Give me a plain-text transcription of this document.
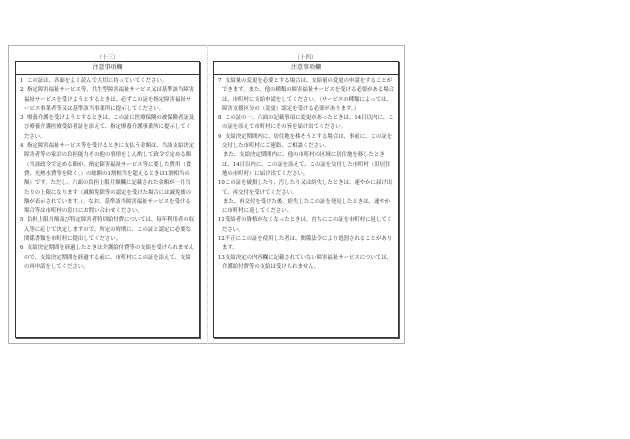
（十三）
注意事項欄
1 この証は、各面をよく読んで大切に持っていてください。
2 指定障害福祉サービス等、共生型障害福祉サービス又は基準該当障害福祉サービスを受けようとするときは、必ずこの証を指定障害福祉サービス事業者等又は基準該当事業所に提示してください。
3 療養介護を受けようとするときは、この証に医療保険の被保険者証及び療養介護医療受給者証を添えて、指定療養介護事業所に提示してください。
4 指定障害福祉サービス等を受けるときに支払う金額は、当該支給決定障害者等の家計の負担能力その他の事情をしん酌して政令で定める額（当該政令で定める額が、指定障害福祉サービス等に要した費用（食費、光熱水費等を除く。）の総額の1割相当を超えるときは1割相当の額）です。ただし、六面の負担上限月額欄に記載された金額が一月当たりの上限になります（減額免除等の認定を受けた場合には減免後の額が表示されています。）。なお、基準該当障害福祉サービスを受ける場合等は市町村の窓口にお問い合わせください。
5 負担上限月額及び特定障害者特別給付費については、毎年利用者の収入等に応じて決定しますので、所定の時期に、この証と認定に必要な関係書類を市町村に提出してください。
6 支給決定期間を経過したときは介護給付費等の支給を受けられませんので、支給決定期間を経過する前に、市町村にこの証を添えて、支給の再申請をしてください。
（十四）
注意事項欄
7 支給量の変更を必要とする場合は、支給量の変更の申請をすることができます。また、他の種類の障害福祉サービスを受ける必要がある場合は、市町村に支給申請をしてください。（サービスの種類によっては、障害支援区分の（変更）認定を受ける必要があります。）
8 この証の一、六面の記載事項に変更があったときは、14日以内に、この証を添えて市町村にその旨を届け出てください。
9 支給決定期間内に、居住地を移そうとする場合は、事前に、この証を交付した市町村にご連絡、ご相談ください。
また、支給決定期間内に、他の市町村の区域に居住地を移したときは、14日以内に、この証を添えて、この証を交付した市町村（旧居住地の市町村）に届け出てください。
10この証を破損したり、汚したり又は紛失したときは、速やかに届け出て、再交付を受けてください。
また、再交付を受けた後、紛失したこの証を発見したときは、速やかに市町村に返してください。
11受給者の資格がなくなったときは、直ちにこの証を市町村に返してください。
12不正にこの証を使用した者は、関係法令により処罰されることがあります。
13支給決定の内容欄に記載されていない障害福祉サービスについては、介護給付費等の支給は受けられません。
